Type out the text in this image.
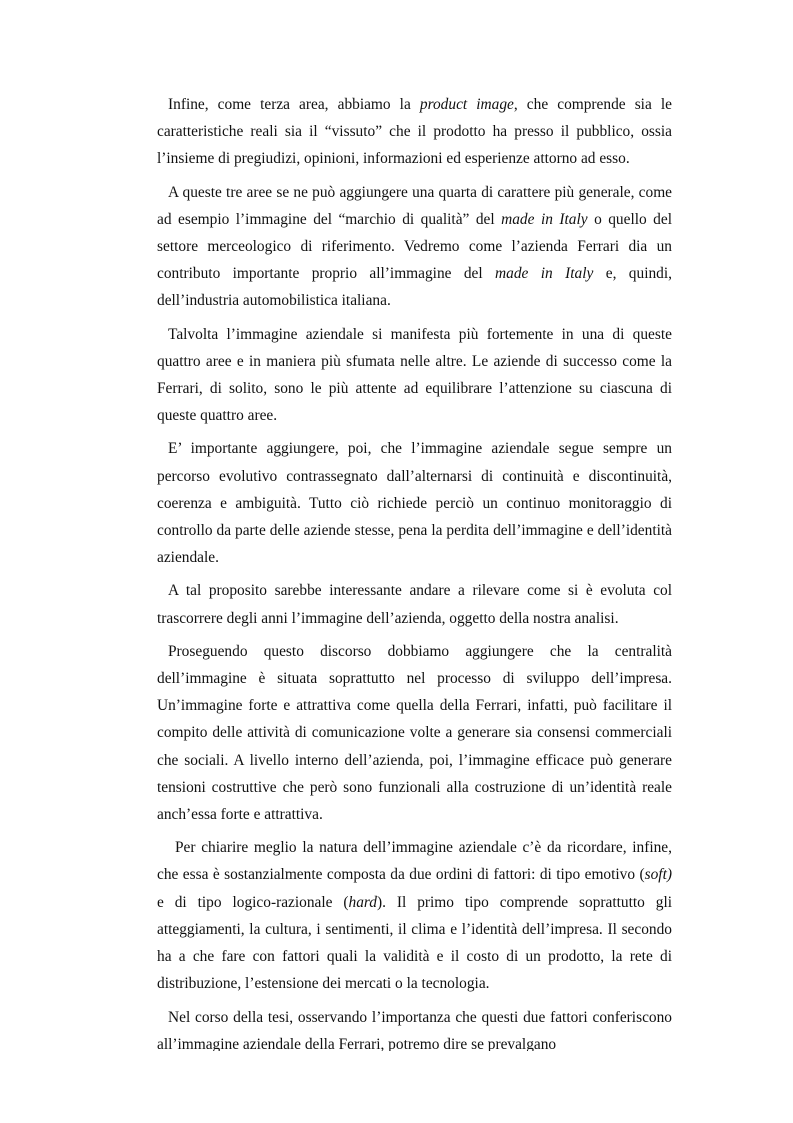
Infine, come terza area, abbiamo la product image, che comprende sia le caratteristiche reali sia il “vissuto” che il prodotto ha presso il pubblico, ossia l’insieme di pregiudizi, opinioni, informazioni ed esperienze attorno ad esso.

A queste tre aree se ne può aggiungere una quarta di carattere più generale, come ad esempio l’immagine del “marchio di qualità” del made in Italy o quello del settore merceologico di riferimento. Vedremo come l’azienda Ferrari dia un contributo importante proprio all’immagine del made in Italy e, quindi, dell’industria automobilistica italiana.

Talvolta l’immagine aziendale si manifesta più fortemente in una di queste quattro aree e in maniera più sfumata nelle altre. Le aziende di successo come la Ferrari, di solito, sono le più attente ad equilibrare l’attenzione su ciascuna di queste quattro aree.

E’ importante aggiungere, poi, che l’immagine aziendale segue sempre un percorso evolutivo contrassegnato dall’alternarsi di continuità e discontinuità, coerenza e ambiguità. Tutto ciò richiede perciò un continuo monitoraggio di controllo da parte delle aziende stesse, pena la perdita dell’immagine e dell’identità aziendale.

A tal proposito sarebbe interessante andare a rilevare come si è evoluta col trascorrere degli anni l’immagine dell’azienda, oggetto della nostra analisi.

Proseguendo questo discorso dobbiamo aggiungere che la centralità dell’immagine è situata soprattutto nel processo di sviluppo dell’impresa. Un’immagine forte e attrattiva come quella della Ferrari, infatti, può facilitare il compito delle attività di comunicazione volte a generare sia consensi commerciali che sociali. A livello interno dell’azienda, poi, l’immagine efficace può generare tensioni costruttive che però sono funzionali alla costruzione di un’identità reale anch’essa forte e attrattiva.

Per chiarire meglio la natura dell’immagine aziendale c’è da ricordare, infine, che essa è sostanzialmente composta da due ordini di fattori: di tipo emotivo (soft) e di tipo logico-razionale (hard). Il primo tipo comprende soprattutto gli atteggiamenti, la cultura, i sentimenti, il clima e l’identità dell’impresa. Il secondo ha a che fare con fattori quali la validità e il costo di un prodotto, la rete di distribuzione, l’estensione dei mercati o la tecnologia.

Nel corso della tesi, osservando l’importanza che questi due fattori conferiscono all’immagine aziendale della Ferrari, potremo dire se prevalgano
